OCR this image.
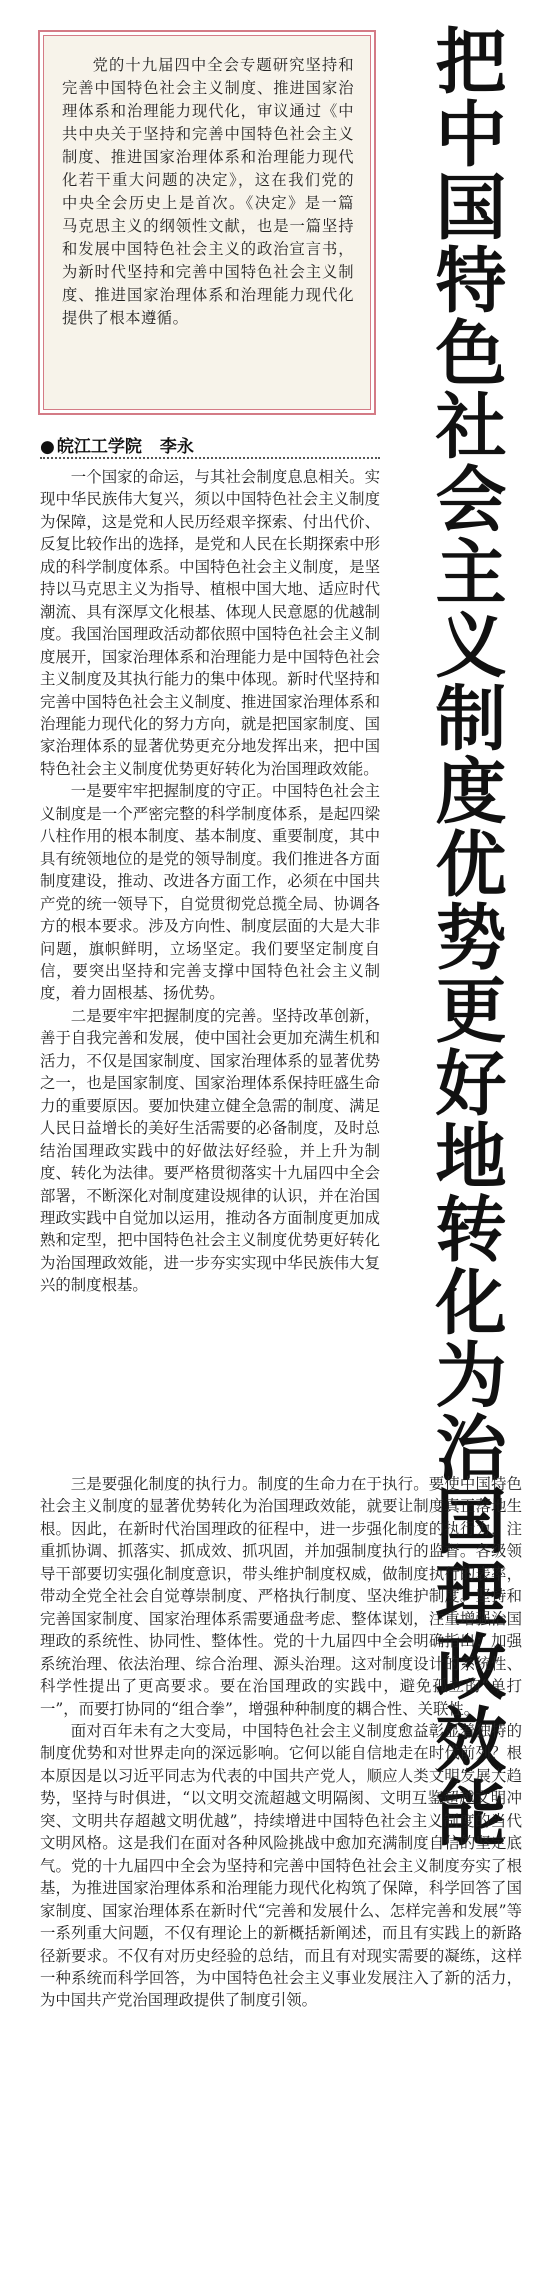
党的十九届四中全会专题研究坚持和完善中国特色社会主义制度、推进国家治理体系和治理能力现代化，审议通过《中共中央关于坚持和完善中国特色社会主义制度、推进国家治理体系和治理能力现代化若干重大问题的决定》，这在我们党的中央全会历史上是首次。《决定》是一篇马克思主义的纲领性文献，也是一篇坚持和发展中国特色社会主义的政治宣言书，为新时代坚持和完善中国特色社会主义制度、推进国家治理体系和治理能力现代化提供了根本遵循。	把中国特色社会主义制度优势更好地转化为治国理政效能
● 皖江工学院 李永

一个国家的命运，与其社会制度息息相关。实现中华民族伟大复兴，须以中国特色社会主义制度为保障，这是党和人民历经艰辛探索、付出代价、反复比较作出的选择，是党和人民在长期探索中形成的科学制度体系。中国特色社会主义制度，是坚持以马克思主义为指导、植根中国大地、适应时代潮流、具有深厚文化根基、体现人民意愿的优越制度。我国治国理政活动都依照中国特色社会主义制度展开，国家治理体系和治理能力是中国特色社会主义制度及其执行能力的集中体现。新时代坚持和完善中国特色社会主义制度、推进国家治理体系和治理能力现代化的努力方向，就是把国家制度、国家治理体系的显著优势更充分地发挥出来，把中国特色社会主义制度优势更好转化为治国理政效能。

一是要牢牢把握制度的守正。中国特色社会主义制度是一个严密完整的科学制度体系，是起四梁八柱作用的根本制度、基本制度、重要制度，其中具有统领地位的是党的领导制度。我们推进各方面制度建设，推动、改进各方面工作，必须在中国共产党的统一领导下，自觉贯彻党总揽全局、协调各方的根本要求。涉及方向性、制度层面的大是大非问题，旗帜鲜明，立场坚定。我们要坚定制度自信，要突出坚持和完善支撑中国特色社会主义制度，着力固根基、扬优势。

二是要牢牢把握制度的完善。坚持改革创新，善于自我完善和发展，使中国社会更加充满生机和活力，不仅是国家制度、国家治理体系的显著优势之一，也是国家制度、国家治理体系保持旺盛生命力的重要原因。要加快建立健全急需的制度、满足人民日益增长的美好生活需要的必备制度，及时总结治国理政实践中的好做法好经验，并上升为制度、转化为法律。要严格贯彻落实十九届四中全会部署，不断深化对制度建设规律的认识，并在治国理政实践中自觉加以运用，推动各方面制度更加成熟和定型，把中国特色社会主义制度优势更好转化为治国理政效能，进一步夯实实现中华民族伟大复兴的制度根基。

三是要强化制度的执行力。制度的生命力在于执行。要使中国特色社会主义制度的显著优势转化为治国理政效能，就要让制度真正落地生根。因此，在新时代治国理政的征程中，进一步强化制度的执行力，注重抓协调、抓落实、抓成效、抓巩固，并加强制度执行的监督。各级领导干部要切实强化制度意识，带头维护制度权威，做制度执行的表率，带动全党全社会自觉尊崇制度、严格执行制度、坚决维护制度。坚持和完善国家制度、国家治理体系需要通盘考虑、整体谋划，注重增强治国理政的系统性、协同性、整体性。党的十九届四中全会明确指出：加强系统治理、依法治理、综合治理、源头治理。这对制度设计的系统性、科学性提出了更高要求。要在治国理政的实践中，避免孤立的“单打一”，而要打协同的“组合拳”，增强种种制度的耦合性、关联性。

面对百年未有之大变局，中国特色社会主义制度愈益彰显着独特的制度优势和对世界走向的深远影响。它何以能自信地走在时代前列？根本原因是以习近平同志为代表的中国共产党人，顺应人类文明发展大趋势，坚持与时俱进，“以文明交流超越文明隔阂、文明互鉴超越文明冲突、文明共存超越文明优越”，持续增进中国特色社会主义制度的当代文明风格。这是我们在面对各种风险挑战中愈加充满制度自信的坚定底气。党的十九届四中全会为坚持和完善中国特色社会主义制度夯实了根基，为推进国家治理体系和治理能力现代化构筑了保障，科学回答了国家制度、国家治理体系在新时代“完善和发展什么、怎样完善和发展”等一系列重大问题，不仅有理论上的新概括新阐述，而且有实践上的新路径新要求。不仅有对历史经验的总结，而且有对现实需要的凝练，这样一种系统而科学回答，为中国特色社会主义事业发展注入了新的活力，为中国共产党治国理政提供了制度引领。
